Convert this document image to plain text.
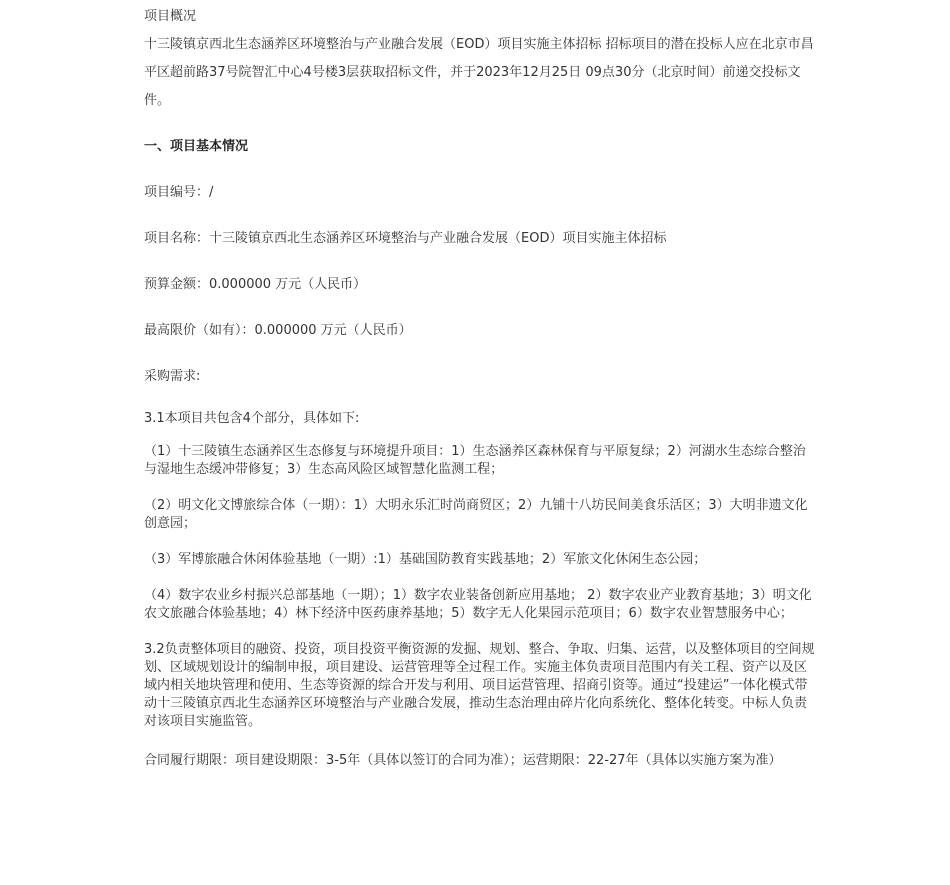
项目概况

十三陵镇京西北生态涵养区环境整治与产业融合发展（EOD）项目实施主体招标 招标项目的潜在投标人应在北京市昌平区超前路37号院智汇中心4号楼3层获取招标文件，并于2023年12月25日 09点30分（北京时间）前递交投标文件。

一、项目基本情况

项目编号：/

项目名称：十三陵镇京西北生态涵养区环境整治与产业融合发展（EOD）项目实施主体招标

预算金额：0.000000 万元（人民币）

最高限价（如有）：0.000000 万元（人民币）

采购需求:

3.1本项目共包含4个部分，具体如下:

（1）十三陵镇生态涵养区生态修复与环境提升项目：1）生态涵养区森林保育与平原复绿；2）河湖水生态综合整治与湿地生态缓冲带修复；3）生态高风险区域智慧化监测工程；

（2）明文化文博旅综合体（一期）：1）大明永乐汇时尚商贸区；2）九铺十八坊民间美食乐活区；3）大明非遗文化创意园；

（3）军博旅融合休闲体验基地（一期）:1）基础国防教育实践基地；2）军旅文化休闲生态公园；

（4）数字农业乡村振兴总部基地（一期）；1）数字农业装备创新应用基地； 2）数字农业产业教育基地；3）明文化农文旅融合体验基地；4）林下经济中医药康养基地；5）数字无人化果园示范项目；6）数字农业智慧服务中心；

3.2负责整体项目的融资、投资，项目投资平衡资源的发掘、规划、整合、争取、归集、运营，以及整体项目的空间规划、区域规划设计的编制申报，项目建设、运营管理等全过程工作。实施主体负责项目范围内有关工程、资产以及区域内相关地块管理和使用、生态等资源的综合开发与利用、项目运营管理、招商引资等。通过“投建运”一体化模式带动十三陵镇京西北生态涵养区环境整治与产业融合发展，推动生态治理由碎片化向系统化、整体化转变。中标人负责对该项目实施监管。

合同履行期限：项目建设期限：3-5年（具体以签订的合同为准）；运营期限：22-27年（具体以实施方案为准）
